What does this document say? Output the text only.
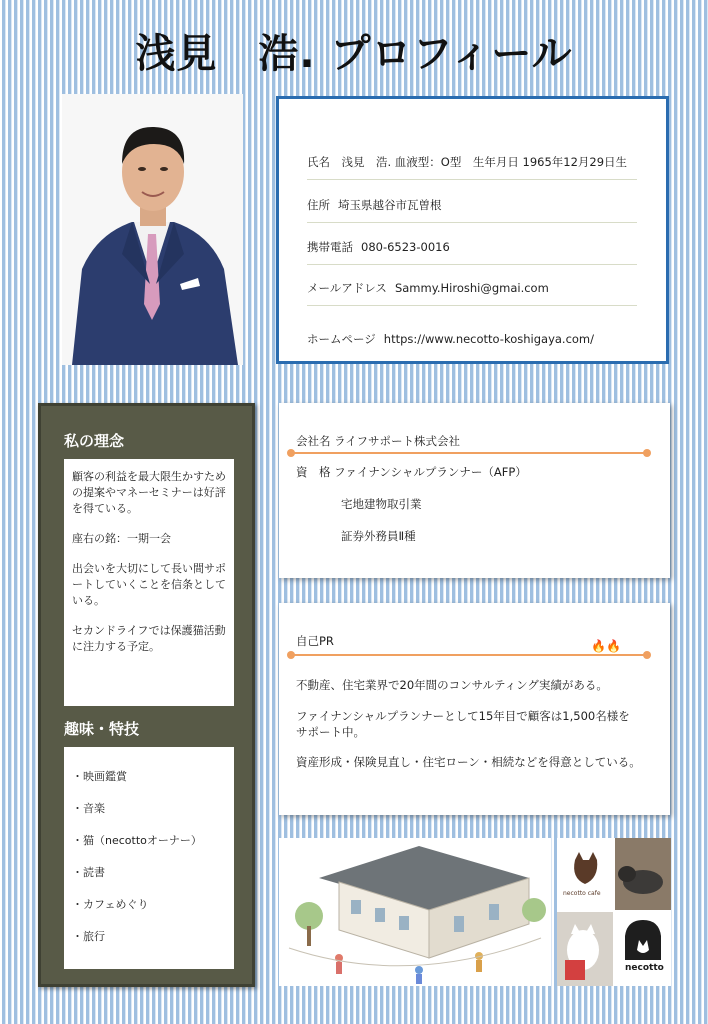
浅見　浩. プロフィール
氏名　浅見　浩. 血液型：O型　生年月日 1965年12月29日生
住所 埼玉県越谷市瓦曽根
携帯電話 080-6523-0016
メールアドレス Sammy.Hiroshi@gmai.com
ホームページ https://www.necotto-koshigaya.com/
私の理念

顧客の利益を最大限生かすための提案やマネーセミナーは好評を得ている。

座右の銘：一期一会

出会いを大切にして長い間サポートしていくことを信条としている。

セカンドライフでは保護猫活動に注力する予定。

趣味・特技
・映画鑑賞
・音楽
・猫（necottoオーナー）
・読書
・カフェめぐり
・旅行
会社名 ライフサポート株式会社
資　格 ファイナンシャルプランナー（AFP）
宅地建物取引業
証券外務員Ⅱ種
自己PR	🔥🔥
不動産、住宅業界で20年間のコンサルティング実績がある。
ファイナンシャルプランナーとして15年目で顧客は1,500名様を
サポート中。
資産形成・保険見直し・住宅ローン・相続などを得意としている。
necotto cafe
necotto
